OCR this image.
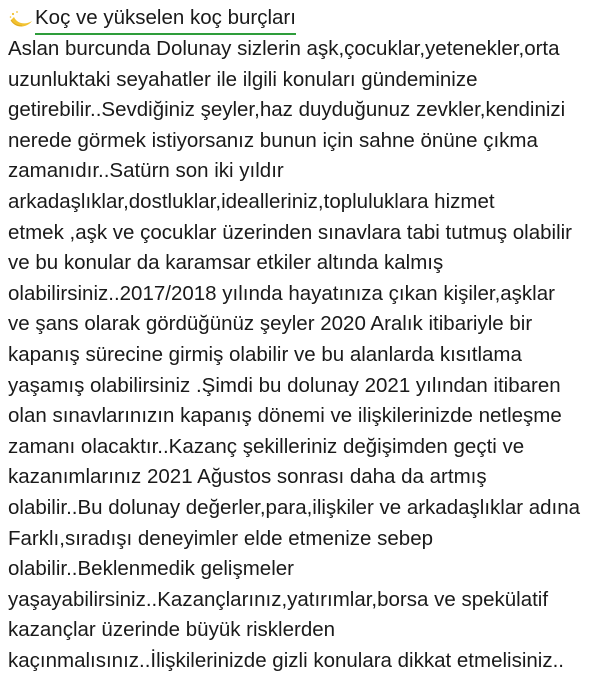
Koç ve yükselen koç burçları
Aslan burcunda Dolunay sizlerin aşk,çocuklar,yetenekler,orta
uzunluktaki seyahatler ile ilgili konuları gündeminize
getirebilir..Sevdiğiniz şeyler,haz duyduğunuz zevkler,kendinizi
nerede görmek istiyorsanız bunun için sahne önüne çıkma
zamanıdır..Satürn son iki yıldır
arkadaşlıklar,dostluklar,idealleriniz,topluluklara hizmet
etmek ,aşk ve çocuklar üzerinden sınavlara tabi tutmuş olabilir
ve bu konular da karamsar etkiler altında kalmış
olabilirsiniz..2017/2018 yılında hayatınıza çıkan kişiler,aşklar
ve şans olarak gördüğünüz şeyler 2020 Aralık itibariyle bir
kapanış sürecine girmiş olabilir ve bu alanlarda kısıtlama
yaşamış olabilirsiniz .Şimdi bu dolunay 2021 yılından itibaren
olan sınavlarınızın kapanış dönemi ve ilişkilerinizde netleşme
zamanı olacaktır..Kazanç şekilleriniz değişimden geçti ve
kazanımlarınız 2021 Ağustos sonrası daha da artmış
olabilir..Bu dolunay değerler,para,ilişkiler ve arkadaşlıklar adına
Farklı,sıradışı deneyimler elde etmenize sebep
olabilir..Beklenmedik gelişmeler
yaşayabilirsiniz..Kazançlarınız,yatırımlar,borsa ve spekülatif
kazançlar üzerinde büyük risklerden
kaçınmalısınız..İlişkilerinizde gizli konulara dikkat etmelisiniz..
